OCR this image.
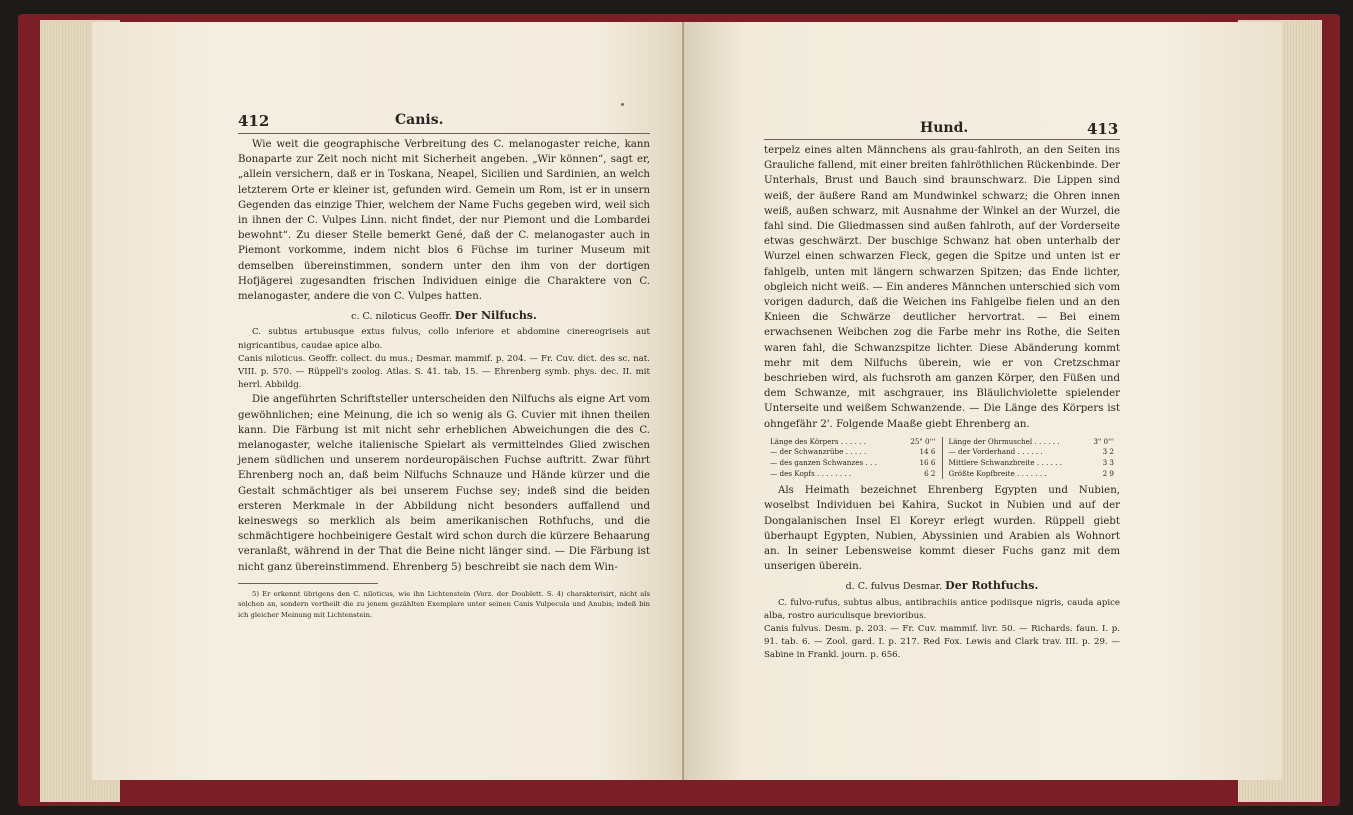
412	Canis.

Wie weit die geographische Verbreitung des C. melanogaster reiche, kann Bonaparte zur Zeit noch nicht mit Sicherheit angeben. „Wir können“, sagt er, „allein versichern, daß er in Toskana, Neapel, Sicilien und Sardinien, an welch letzterem Orte er kleiner ist, gefunden wird. Gemein um Rom, ist er in unsern Gegenden das einzige Thier, welchem der Name Fuchs gegeben wird, weil sich in ihnen der C. Vulpes Linn. nicht findet, der nur Piemont und die Lombardei bewohnt“. Zu dieser Stelle bemerkt Gené, daß der C. melanogaster auch in Piemont vorkomme, indem nicht blos 6 Füchse im turiner Museum mit demselben übereinstimmen, sondern unter den ihm von der dortigen Hofjägerei zugesandten frischen Individuen einige die Charaktere von C. melanogaster, andere die von C. Vulpes hatten.

c. C. niloticus Geoffr. Der Nilfuchs.

C. subtus artubusque extus fulvus, collo inferiore et abdomine cinereogriseis aut nigricantibus, caudae apice albo.

Canis niloticus. Geoffr. collect. du mus.; Desmar. mammif. p. 204. — Fr. Cuv. dict. des sc. nat. VIII. p. 570. — Rüppell's zoolog. Atlas. S. 41. tab. 15. — Ehrenberg symb. phys. dec. II. mit herrl. Abbildg.

Die angeführten Schriftsteller unterscheiden den Nilfuchs als eigne Art vom gewöhnlichen; eine Meinung, die ich so wenig als G. Cuvier mit ihnen theilen kann. Die Färbung ist mit nicht sehr erheblichen Abweichungen die des C. melanogaster, welche italienische Spielart als vermittelndes Glied zwischen jenem südlichen und unserem nordeuropäischen Fuchse auftritt. Zwar führt Ehrenberg noch an, daß beim Nilfuchs Schnauze und Hände kürzer und die Gestalt schmächtiger als bei unserem Fuchse sey; indeß sind die beiden ersteren Merkmale in der Abbildung nicht besonders auffallend und keineswegs so merklich als beim amerikanischen Rothfuchs, und die schmächtigere hochbeinigere Gestalt wird schon durch die kürzere Behaarung veranlaßt, während in der That die Beine nicht länger sind. — Die Färbung ist nicht ganz übereinstimmend. Ehrenberg 5) beschreibt sie nach dem Win-

5) Er erkennt übrigens den C. niloticus, wie ihn Lichtenstein (Verz. der Doublett. S. 4) charakterisirt, nicht als solchen an, sondern vertheilt die zu jenem gezählten Exemplare unter seinen Canis Vulpecula und Anubis; indeß bin ich gleicher Meinung mit Lichtenstein.

Hund.	413

terpelz eines alten Männchens als grau-fahlroth, an den Seiten ins Grauliche fallend, mit einer breiten fahlröthlichen Rückenbinde. Der Unterhals, Brust und Bauch sind braunschwarz. Die Lippen sind weiß, der äußere Rand am Mundwinkel schwarz; die Ohren innen weiß, außen schwarz, mit Ausnahme der Winkel an der Wurzel, die fahl sind. Die Gliedmassen sind außen fahlroth, auf der Vorderseite etwas geschwärzt. Der buschige Schwanz hat oben unterhalb der Wurzel einen schwarzen Fleck, gegen die Spitze und unten ist er fahlgelb, unten mit längern schwarzen Spitzen; das Ende lichter, obgleich nicht weiß. — Ein anderes Männchen unterschied sich vom vorigen dadurch, daß die Weichen ins Fahlgelbe fielen und an den Knieen die Schwärze deutlicher hervortrat. — Bei einem erwachsenen Weibchen zog die Farbe mehr ins Rothe, die Seiten waren fahl, die Schwanzspitze lichter. Diese Abänderung kommt mehr mit dem Nilfuchs überein, wie er von Cretzschmar beschrieben wird, als fuchsroth am ganzen Körper, den Füßen und dem Schwanze, mit aschgrauer, ins Bläulichviolette spielender Unterseite und weißem Schwanzende. — Die Länge des Körpers ist ohngefähr 2'. Folgende Maaße giebt Ehrenberg an.

Länge des Körpers . . . . . .	25" 0'''
— der Schwanzrübe . . . . .	14 6
— des ganzen Schwanzes . . .	16 6
— des Kopfs . . . . . . . .	6 2
Länge der Ohrmuschel . . . . . .	3" 0'''
— der Vorderhand . . . . . .	3 2
Mittlere Schwanzbreite . . . . . .	3 3
Größte Kopfbreite . . . . . . .	2 9

Als Heimath bezeichnet Ehrenberg Egypten und Nubien, woselbst Individuen bei Kahira, Suckot in Nubien und auf der Dongalanischen Insel El Koreyr erlegt wurden. Rüppell giebt überhaupt Egypten, Nubien, Abyssinien und Arabien als Wohnort an. In seiner Lebensweise kommt dieser Fuchs ganz mit dem unserigen überein.

d. C. fulvus Desmar. Der Rothfuchs.

C. fulvo-rufus, subtus albus, antibrachiis antice podiisque nigris, cauda apice alba, rostro auriculisque brevioribus.

Canis fulvus. Desm. p. 203. — Fr. Cuv. mammif. livr. 50. — Richards. faun. I. p. 91. tab. 6. — Zool. gard. I. p. 217. Red Fox. Lewis and Clark trav. III. p. 29. — Sabine in Frankl. journ. p. 656.
